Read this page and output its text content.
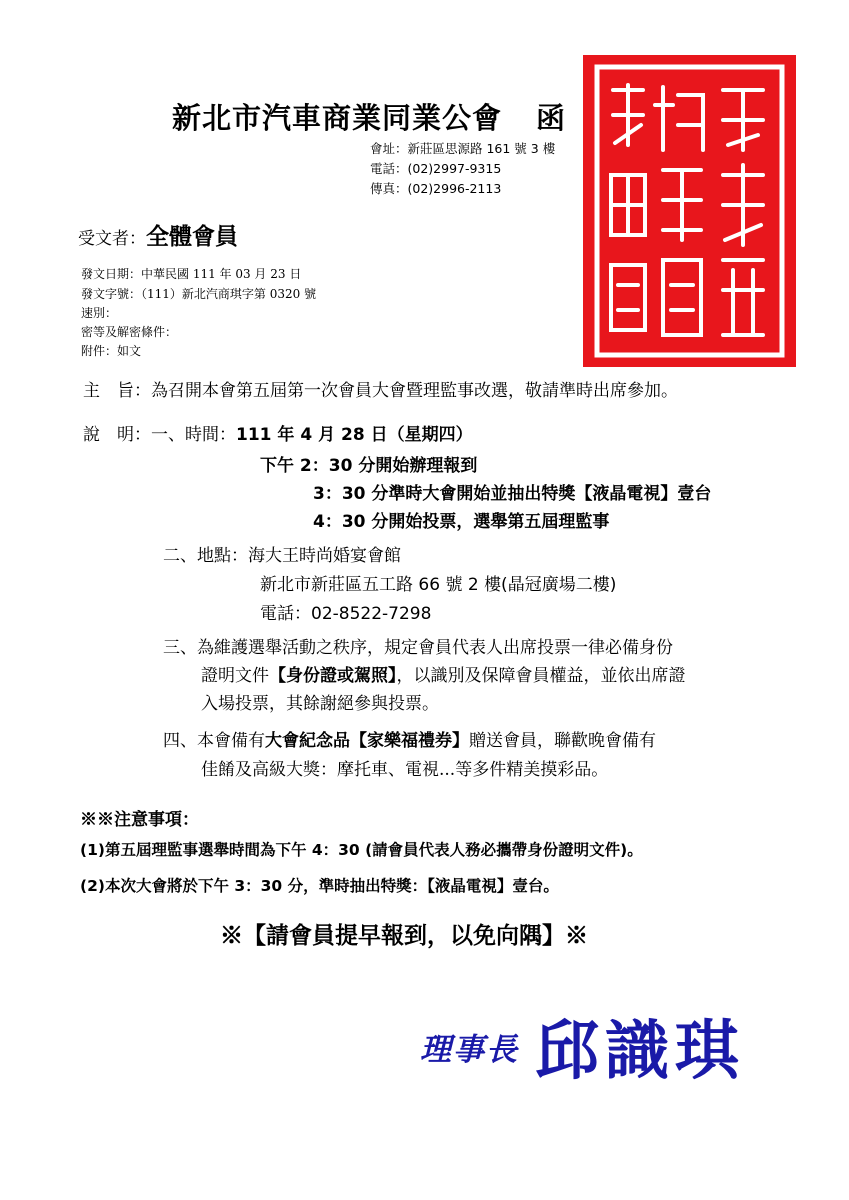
新北市汽車商業同業公會 函
會址：新莊區思源路 161 號 3 樓
電話：(02)2997-9315
傳真：(02)2996-2113
受文者：全體會員
發文日期：中華民國 111 年 03 月 23 日
發文字號：（111）新北汽商琪字第 0320 號
速別：
密等及解密條件：
附件：如文
主　旨：為召開本會第五屆第一次會員大會暨理監事改選，敬請準時出席參加。
說　明：一、時間：111 年 4 月 28 日（星期四）
下午 2：30 分開始辦理報到
3：30 分準時大會開始並抽出特獎【液晶電視】壹台
4：30 分開始投票，選舉第五屆理監事
二、地點：海大王時尚婚宴會館
新北市新莊區五工路 66 號 2 樓(晶冠廣場二樓)
電話：02-8522-7298
三、為維護選舉活動之秩序，規定會員代表人出席投票一律必備身份
證明文件【身份證或駕照】，以識別及保障會員權益，並依出席證
入場投票，其餘謝絕參與投票。
四、本會備有大會紀念品【家樂福禮券】贈送會員，聯歡晚會備有
佳餚及高級大獎：摩托車、電視...等多件精美摸彩品。
※※注意事項：
(1)第五屆理監事選舉時間為下午 4：30 (請會員代表人務必攜帶身份證明文件)。
(2)本次大會將於下午 3：30 分，準時抽出特獎：【液晶電視】壹台。
※【請會員提早報到，以免向隅】※
理事長 邱識琪
